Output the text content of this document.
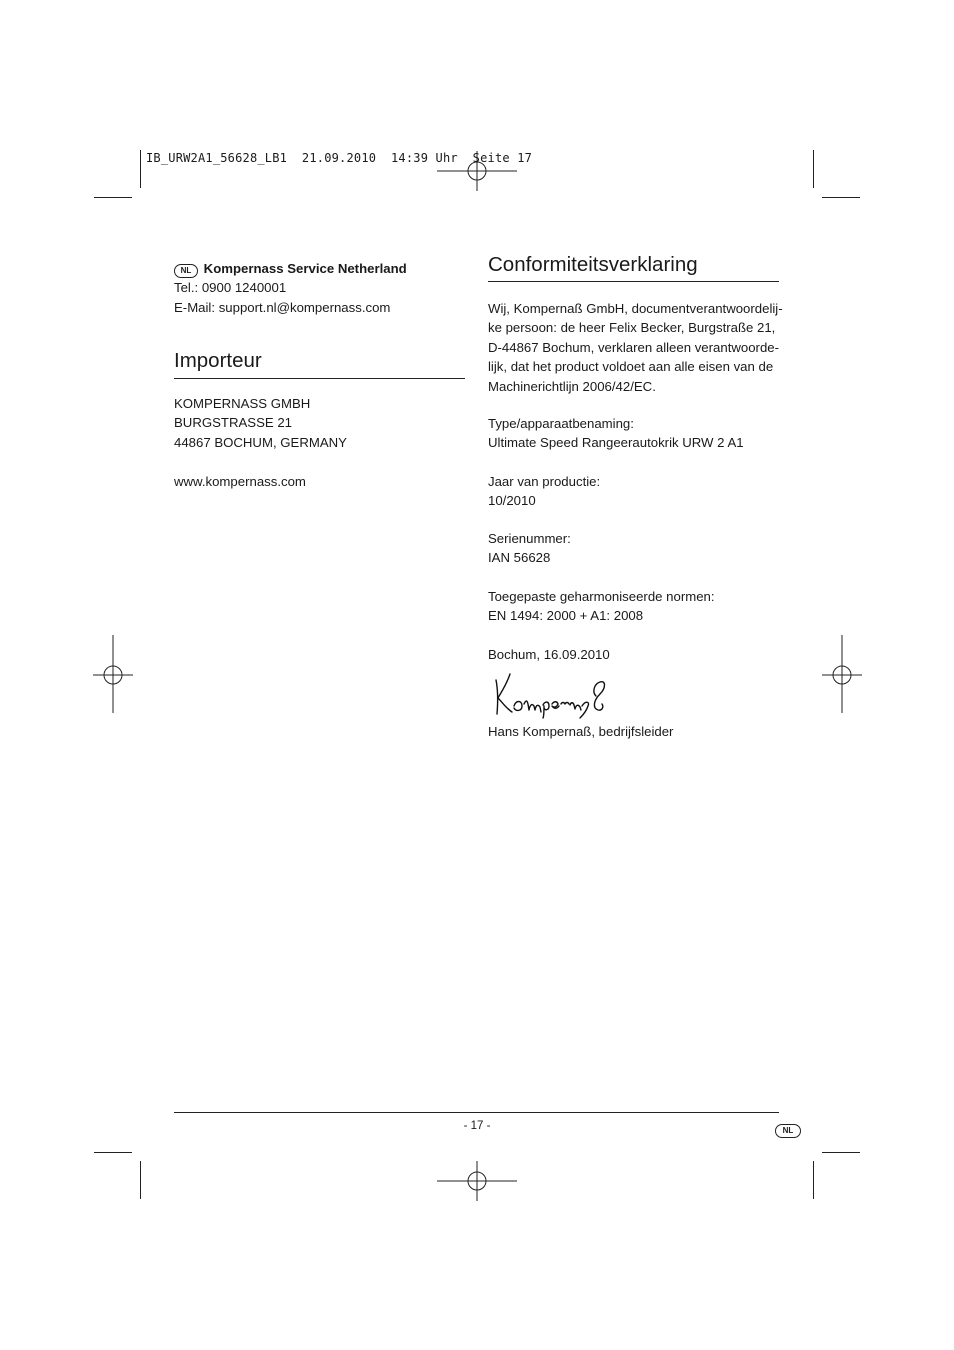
IB_URW2A1_56628_LB1  21.09.2010  14:39 Uhr  Seite 17
NL Kompernass Service Netherland
Tel.: 0900 1240001
E-Mail: support.nl@kompernass.com
Importeur
KOMPERNASS GMBH
BURGSTRASSE 21
44867 BOCHUM, GERMANY
www.kompernass.com
Conformiteitsverklaring
Wij, Kompernaß GmbH, documentverantwoordelij-
ke persoon: de heer Felix Becker, Burgstraße 21,
D-44867 Bochum, verklaren alleen verantwoorde-
lijk, dat het product voldoet aan alle eisen van de
Machinerichtlijn 2006/42/EC.
Type/apparaatbenaming:
Ultimate Speed Rangeerautokrik URW 2 A1
Jaar van productie:
10/2010
Serienummer:
IAN 56628
Toegepaste geharmoniseerde normen:
EN 1494: 2000 + A1: 2008
Bochum, 16.09.2010
Hans Kompernaß, bedrijfsleider
- 17 -	NL
